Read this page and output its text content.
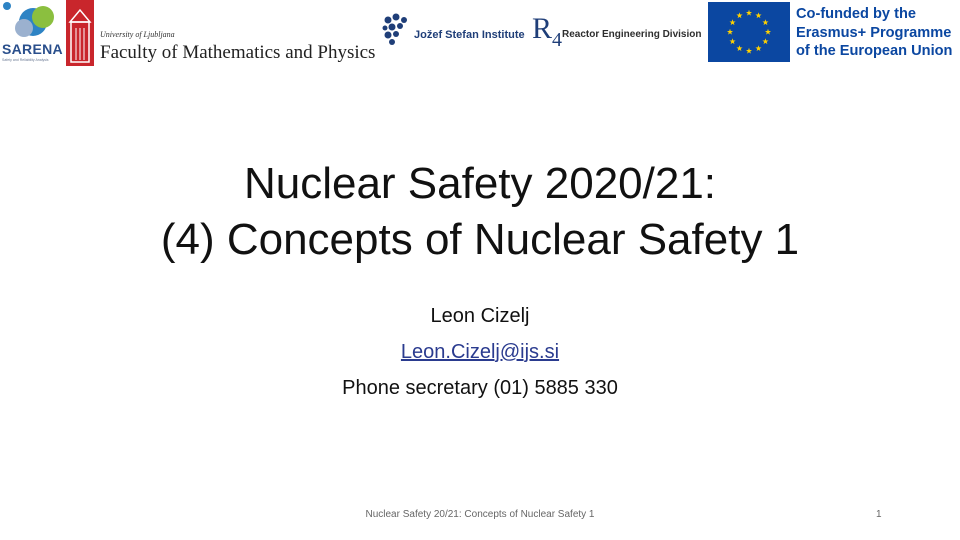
SARENA
Safety and Reliability Analysis
University of Ljubljana
Faculty of Mathematics and Physics
Jožef Stefan Institute $R_4$ Reactor Engineering Division
Co-funded by the
Erasmus+ Programme
of the European Union
Nuclear Safety 2020/21:
(4) Concepts of Nuclear Safety 1
Leon Cizelj
Leon.Cizelj@ijs.si
Phone secretary (01) 5885 330
Nuclear Safety 20/21: Concepts of Nuclear Safety 1	1
